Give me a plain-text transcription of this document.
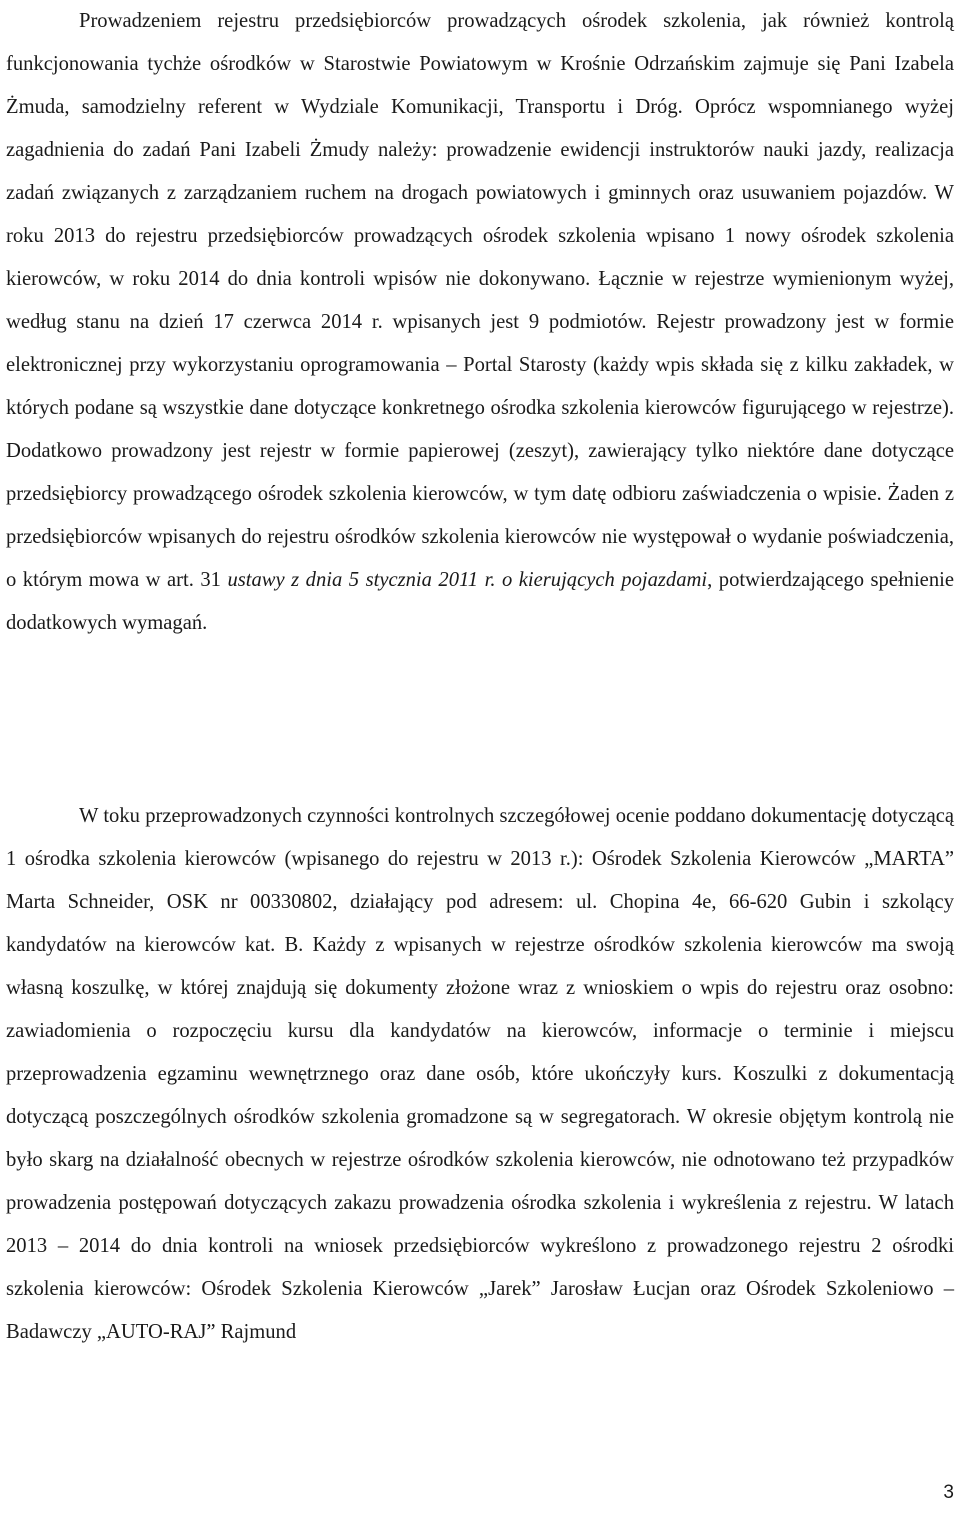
Prowadzeniem rejestru przedsiębiorców prowadzących ośrodek szkolenia, jak również kontrolą funkcjonowania tychże ośrodków w Starostwie Powiatowym w Krośnie Odrzańskim zajmuje się Pani Izabela Żmuda, samodzielny referent w Wydziale Komunikacji, Transportu i Dróg. Oprócz wspomnianego wyżej zagadnienia do zadań Pani Izabeli Żmudy należy: prowadzenie ewidencji instruktorów nauki jazdy, realizacja zadań związanych z zarządzaniem ruchem na drogach powiatowych i gminnych oraz usuwaniem pojazdów. W roku 2013 do rejestru przedsiębiorców prowadzących ośrodek szkolenia wpisano 1 nowy ośrodek szkolenia kierowców, w roku 2014 do dnia kontroli wpisów nie dokonywano. Łącznie w rejestrze wymienionym wyżej, według stanu na dzień 17 czerwca 2014 r. wpisanych jest 9 podmiotów. Rejestr prowadzony jest w formie elektronicznej przy wykorzystaniu oprogramowania – Portal Starosty (każdy wpis składa się z kilku zakładek, w których podane są wszystkie dane dotyczące konkretnego ośrodka szkolenia kierowców figurującego w rejestrze). Dodatkowo prowadzony jest rejestr w formie papierowej (zeszyt), zawierający tylko niektóre dane dotyczące przedsiębiorcy prowadzącego ośrodek szkolenia kierowców, w tym datę odbioru zaświadczenia o wpisie. Żaden z przedsiębiorców wpisanych do rejestru ośrodków szkolenia kierowców nie występował o wydanie poświadczenia, o którym mowa w art. 31 ustawy z dnia 5 stycznia 2011 r. o kierujących pojazdami, potwierdzającego spełnienie dodatkowych wymagań.

W toku przeprowadzonych czynności kontrolnych szczegółowej ocenie poddano dokumentację dotyczącą 1 ośrodka szkolenia kierowców (wpisanego do rejestru w 2013 r.): Ośrodek Szkolenia Kierowców „MARTA” Marta Schneider, OSK nr 00330802, działający pod adresem: ul. Chopina 4e, 66-620 Gubin i szkolący kandydatów na kierowców kat. B. Każdy z wpisanych w rejestrze ośrodków szkolenia kierowców ma swoją własną koszulkę, w której znajdują się dokumenty złożone wraz z wnioskiem o wpis do rejestru oraz osobno: zawiadomienia o rozpoczęciu kursu dla kandydatów na kierowców, informacje o terminie i miejscu przeprowadzenia egzaminu wewnętrznego oraz dane osób, które ukończyły kurs. Koszulki z dokumentacją dotyczącą poszczególnych ośrodków szkolenia gromadzone są w segregatorach. W okresie objętym kontrolą nie było skarg na działalność obecnych w rejestrze ośrodków szkolenia kierowców, nie odnotowano też przypadków prowadzenia postępowań dotyczących zakazu prowadzenia ośrodka szkolenia i wykreślenia z rejestru. W latach 2013 – 2014 do dnia kontroli na wniosek przedsiębiorców wykreślono z prowadzonego rejestru 2 ośrodki szkolenia kierowców: Ośrodek Szkolenia Kierowców „Jarek” Jarosław Łucjan oraz Ośrodek Szkoleniowo – Badawczy „AUTO-RAJ” Rajmund

3
